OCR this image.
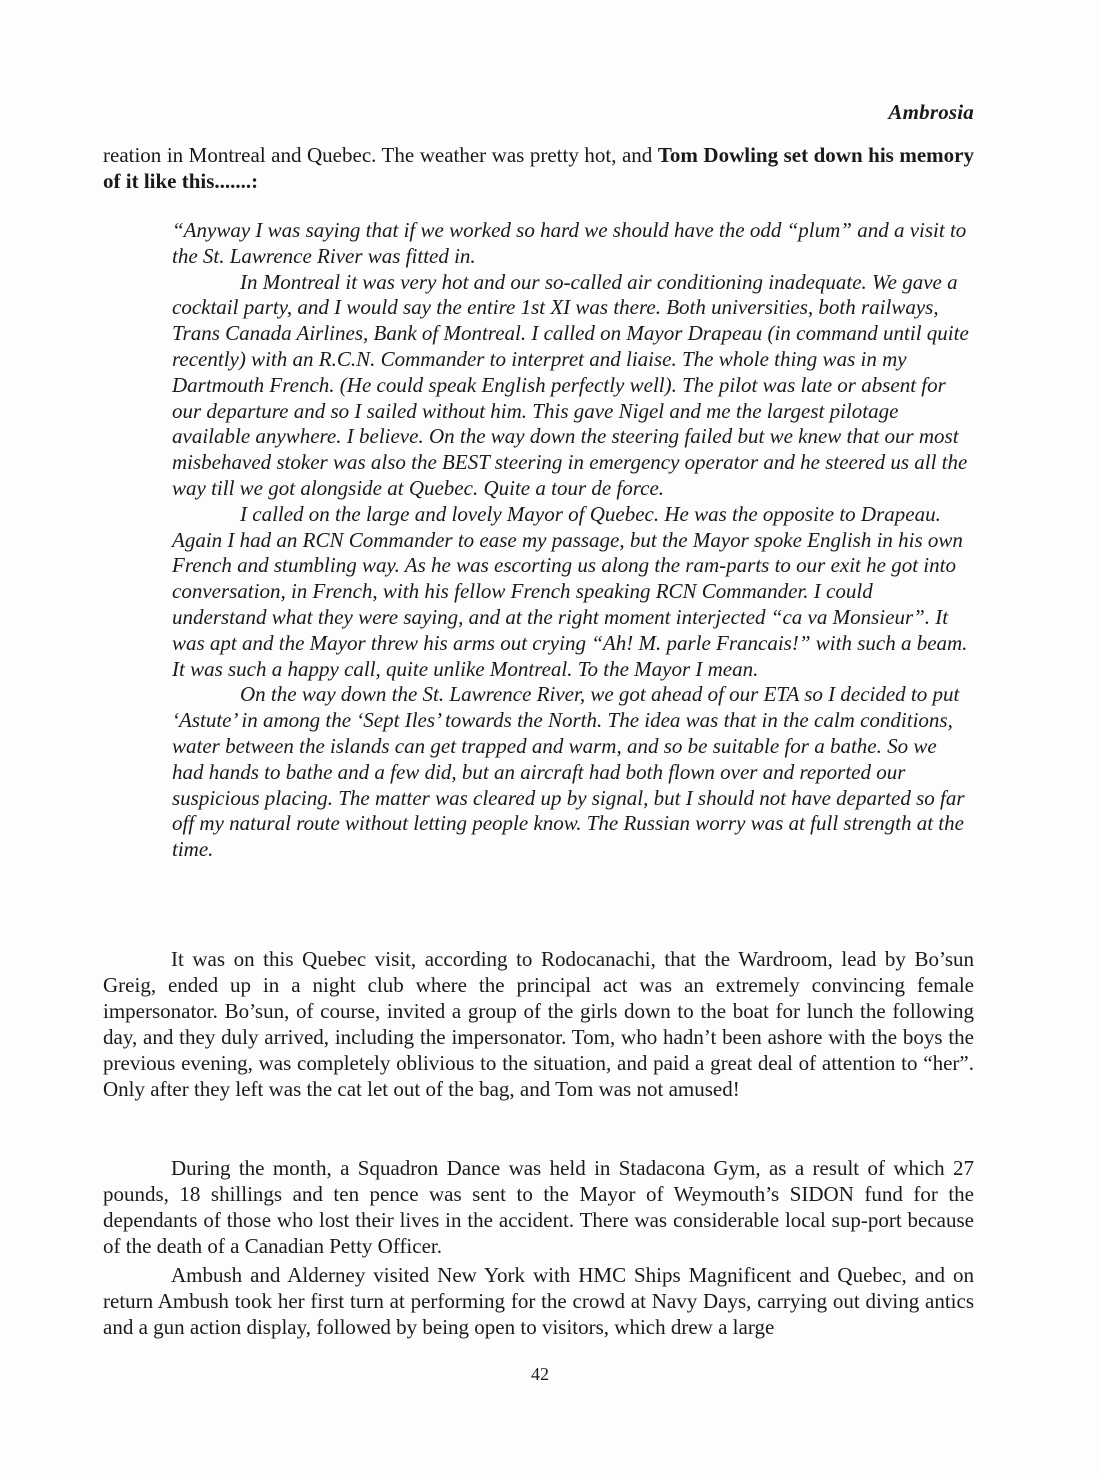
Ambrosia

reation in Montreal and Quebec. The weather was pretty hot, and Tom Dowling set down his memory of it like this.......:

“Anyway I was saying that if we worked so hard we should have the odd “plum” and a visit to the St. Lawrence River was fitted in.

In Montreal it was very hot and our so-called air conditioning inadequate. We gave a cocktail party, and I would say the entire 1st XI was there. Both universities, both railways, Trans Canada Airlines, Bank of Montreal. I called on Mayor Drapeau (in command until quite recently) with an R.C.N. Commander to interpret and liaise. The whole thing was in my Dartmouth French. (He could speak English perfectly well). The pilot was late or absent for our departure and so I sailed without him. This gave Nigel and me the largest pilotage available anywhere. I believe. On the way down the steering failed but we knew that our most misbehaved stoker was also the BEST steering in emergency operator and he steered us all the way till we got alongside at Quebec. Quite a tour de force.

I called on the large and lovely Mayor of Quebec. He was the opposite to Drapeau. Again I had an RCN Commander to ease my passage, but the Mayor spoke English in his own French and stumbling way. As he was escorting us along the ram-parts to our exit he got into conversation, in French, with his fellow French speaking RCN Commander. I could understand what they were saying, and at the right moment interjected “ca va Monsieur”. It was apt and the Mayor threw his arms out crying “Ah! M. parle Francais!” with such a beam. It was such a happy call, quite unlike Montreal. To the Mayor I mean.

On the way down the St. Lawrence River, we got ahead of our ETA so I decided to put ‘Astute’ in among the ‘Sept Iles’ towards the North. The idea was that in the calm conditions, water between the islands can get trapped and warm, and so be suitable for a bathe. So we had hands to bathe and a few did, but an aircraft had both flown over and reported our suspicious placing. The matter was cleared up by signal, but I should not have departed so far off my natural route without letting people know. The Russian worry was at full strength at the time.

It was on this Quebec visit, according to Rodocanachi, that the Wardroom, lead by Bo’sun Greig, ended up in a night club where the principal act was an extremely convincing female impersonator. Bo’sun, of course, invited a group of the girls down to the boat for lunch the following day, and they duly arrived, including the impersonator. Tom, who hadn’t been ashore with the boys the previous evening, was completely oblivious to the situation, and paid a great deal of attention to “her”. Only after they left was the cat let out of the bag, and Tom was not amused!

During the month, a Squadron Dance was held in Stadacona Gym, as a result of which 27 pounds, 18 shillings and ten pence was sent to the Mayor of Weymouth’s SIDON fund for the dependants of those who lost their lives in the accident. There was considerable local sup-port because of the death of a Canadian Petty Officer.

Ambush and Alderney visited New York with HMC Ships Magnificent and Quebec, and on return Ambush took her first turn at performing for the crowd at Navy Days, carrying out diving antics and a gun action display, followed by being open to visitors, which drew a large

42
